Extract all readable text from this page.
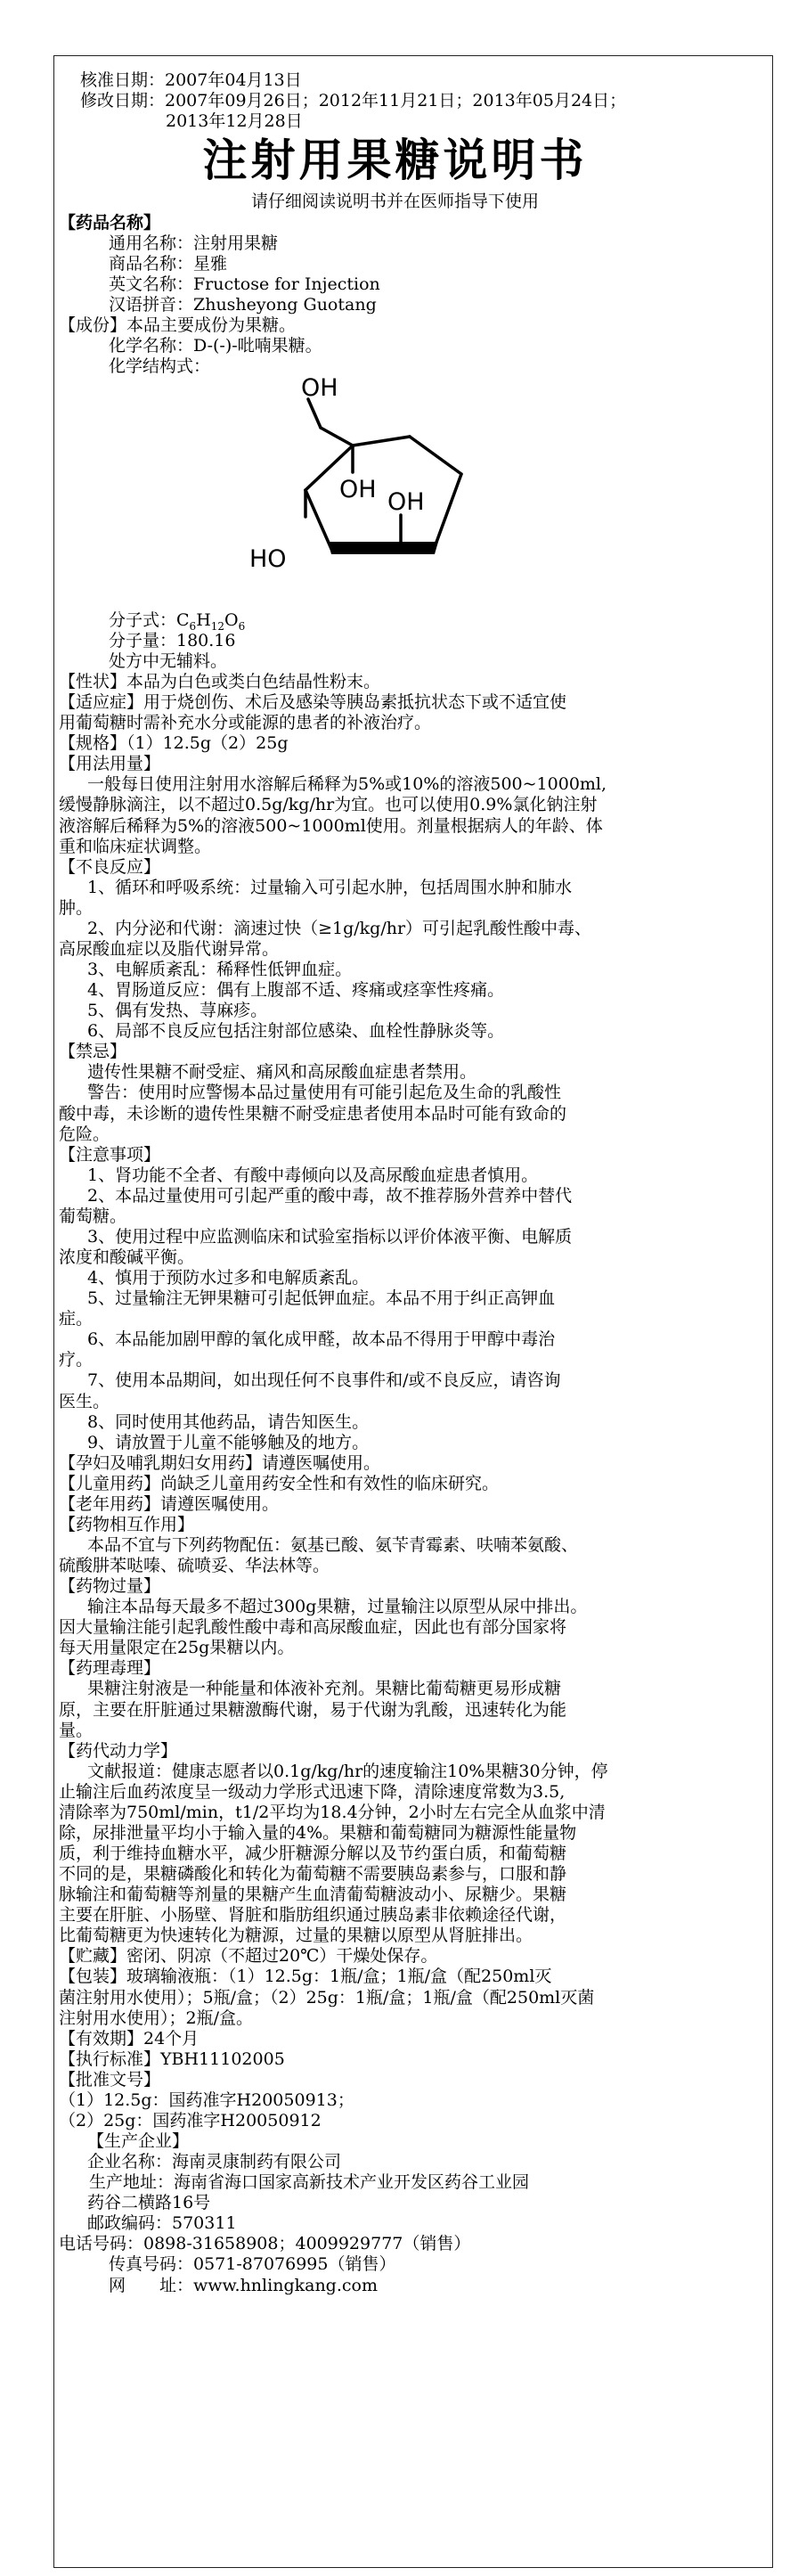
核准日期：2007年04月13日
修改日期：2007年09月26日；2012年11月21日；2013年05月24日；
2013年12月28日
注射用果糖说明书
请仔细阅读说明书并在医师指导下使用
【药品名称】
通用名称：注射用果糖
商品名称：星雅
英文名称：Fructose for Injection
汉语拼音：Zhusheyong Guotang
【成份】本品主要成份为果糖。
化学名称：D-(-)-吡喃果糖。
化学结构式：
OH
OH OH
HO
分子式：$C_6H_{12}O_6$
分子量：180.16
处方中无辅料。
【性状】本品为白色或类白色结晶性粉末。
【适应症】用于烧创伤、术后及感染等胰岛素抵抗状态下或不适宜使
用葡萄糖时需补充水分或能源的患者的补液治疗。
【规格】（1）12.5g（2）25g
【用法用量】
一般每日使用注射用水溶解后稀释为5%或10%的溶液500~1000ml,
缓慢静脉滴注，以不超过0.5g/kg/hr为宜。也可以使用0.9%氯化钠注射
液溶解后稀释为5%的溶液500~1000ml使用。剂量根据病人的年龄、体
重和临床症状调整。
【不良反应】
1、循环和呼吸系统：过量输入可引起水肿，包括周围水肿和肺水
肿。
2、内分泌和代谢：滴速过快（≥1g/kg/hr）可引起乳酸性酸中毒、
高尿酸血症以及脂代谢异常。
3、电解质紊乱：稀释性低钾血症。
4、胃肠道反应：偶有上腹部不适、疼痛或痉挛性疼痛。
5、偶有发热、荨麻疹。
6、局部不良反应包括注射部位感染、血栓性静脉炎等。
【禁忌】
遗传性果糖不耐受症、痛风和高尿酸血症患者禁用。
警告：使用时应警惕本品过量使用有可能引起危及生命的乳酸性
酸中毒，未诊断的遗传性果糖不耐受症患者使用本品时可能有致命的
危险。
【注意事项】
1、肾功能不全者、有酸中毒倾向以及高尿酸血症患者慎用。
2、本品过量使用可引起严重的酸中毒，故不推荐肠外营养中替代
葡萄糖。
3、使用过程中应监测临床和试验室指标以评价体液平衡、电解质
浓度和酸碱平衡。
4、慎用于预防水过多和电解质紊乱。
5、过量输注无钾果糖可引起低钾血症。本品不用于纠正高钾血
症。
6、本品能加剧甲醇的氧化成甲醛，故本品不得用于甲醇中毒治
疗。
7、使用本品期间，如出现任何不良事件和/或不良反应，请咨询
医生。
8、同时使用其他药品，请告知医生。
9、请放置于儿童不能够触及的地方。
【孕妇及哺乳期妇女用药】请遵医嘱使用。
【儿童用药】尚缺乏儿童用药安全性和有效性的临床研究。
【老年用药】请遵医嘱使用。
【药物相互作用】
本品不宜与下列药物配伍：氨基已酸、氨苄青霉素、呋喃苯氨酸、
硫酸肼苯哒嗪、硫喷妥、华法林等。
【药物过量】
输注本品每天最多不超过300g果糖，过量输注以原型从尿中排出。
因大量输注能引起乳酸性酸中毒和高尿酸血症，因此也有部分国家将
每天用量限定在25g果糖以内。
【药理毒理】
果糖注射液是一种能量和体液补充剂。果糖比葡萄糖更易形成糖
原，主要在肝脏通过果糖激酶代谢，易于代谢为乳酸，迅速转化为能
量。
【药代动力学】
文献报道：健康志愿者以0.1g/kg/hr的速度输注10%果糖30分钟，停
止输注后血药浓度呈一级动力学形式迅速下降，清除速度常数为3.5,
清除率为750ml/min，t1/2平均为18.4分钟，2小时左右完全从血浆中清
除，尿排泄量平均小于输入量的4%。果糖和葡萄糖同为糖源性能量物
质，利于维持血糖水平，减少肝糖源分解以及节约蛋白质，和葡萄糖
不同的是，果糖磷酸化和转化为葡萄糖不需要胰岛素参与，口服和静
脉输注和葡萄糖等剂量的果糖产生血清葡萄糖波动小、尿糖少。果糖
主要在肝脏、小肠壁、肾脏和脂肪组织通过胰岛素非依赖途径代谢，
比葡萄糖更为快速转化为糖源，过量的果糖以原型从肾脏排出。
【贮藏】密闭、阴凉（不超过20℃）干燥处保存。
【包装】玻璃输液瓶：（1）12.5g：1瓶/盒；1瓶/盒（配250ml灭
菌注射用水使用）；5瓶/盒；（2）25g：1瓶/盒；1瓶/盒（配250ml灭菌
注射用水使用）；2瓶/盒。
【有效期】24个月
【执行标准】YBH11102005
【批准文号】
（1）12.5g：国药准字H20050913；
（2）25g：国药准字H20050912
【生产企业】
企业名称：海南灵康制药有限公司
生产地址：海南省海口国家高新技术产业开发区药谷工业园
药谷二横路16号
邮政编码：570311
电话号码：0898-31658908；4009929777（销售）
传真号码：0571-87076995（销售）
网　　址：www.hnlingkang.com
